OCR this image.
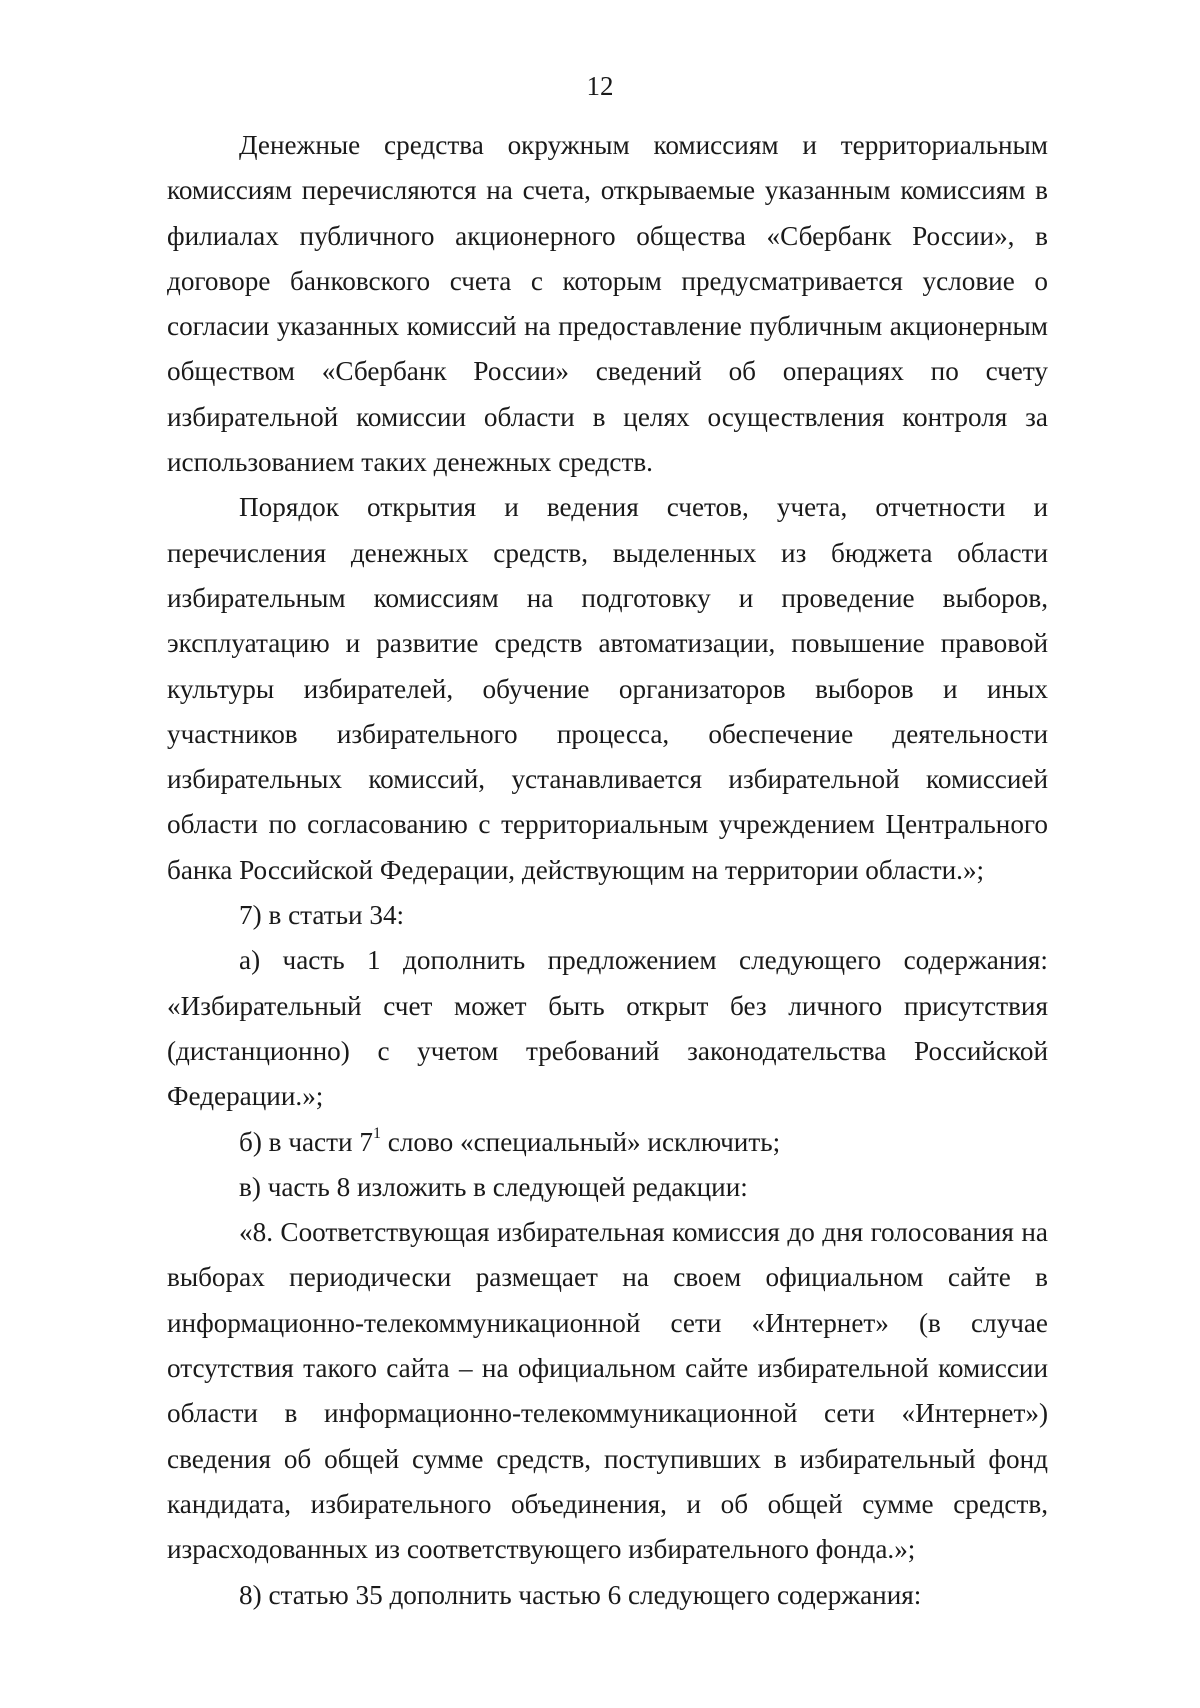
12

Денежные средства окружным комиссиям и территориальным комиссиям перечисляются на счета, открываемые указанным комиссиям в филиалах публичного акционерного общества «Сбербанк России», в договоре банковского счета с которым предусматривается условие о согласии указанных комиссий на предоставление публичным акционерным обществом «Сбербанк России» сведений об операциях по счету избирательной комиссии области в целях осуществления контроля за использованием таких денежных средств.

Порядок открытия и ведения счетов, учета, отчетности и перечисления денежных средств, выделенных из бюджета области избирательным комиссиям на подготовку и проведение выборов, эксплуатацию и развитие средств автоматизации, повышение правовой культуры избирателей, обучение организаторов выборов и иных участников избирательного процесса, обеспечение деятельности избирательных комиссий, устанавливается избирательной комиссией области по согласованию с территориальным учреждением Центрального банка Российской Федерации, действующим на территории области.»;

7) в статьи 34:

а) часть 1 дополнить предложением следующего содержания: «Избирательный счет может быть открыт без личного присутствия (дистанционно) с учетом требований законодательства Российской Федерации.»;

б) в части $7^1$ слово «специальный» исключить;

в) часть 8 изложить в следующей редакции:

«8. Соответствующая избирательная комиссия до дня голосования на выборах периодически размещает на своем официальном сайте в информационно-телекоммуникационной сети «Интернет» (в случае отсутствия такого сайта – на официальном сайте избирательной комиссии области в информационно-телекоммуникационной сети «Интернет») сведения об общей сумме средств, поступивших в избирательный фонд кандидата, избирательного объединения, и об общей сумме средств, израсходованных из соответствующего избирательного фонда.»;

8) статью 35 дополнить частью 6 следующего содержания:
